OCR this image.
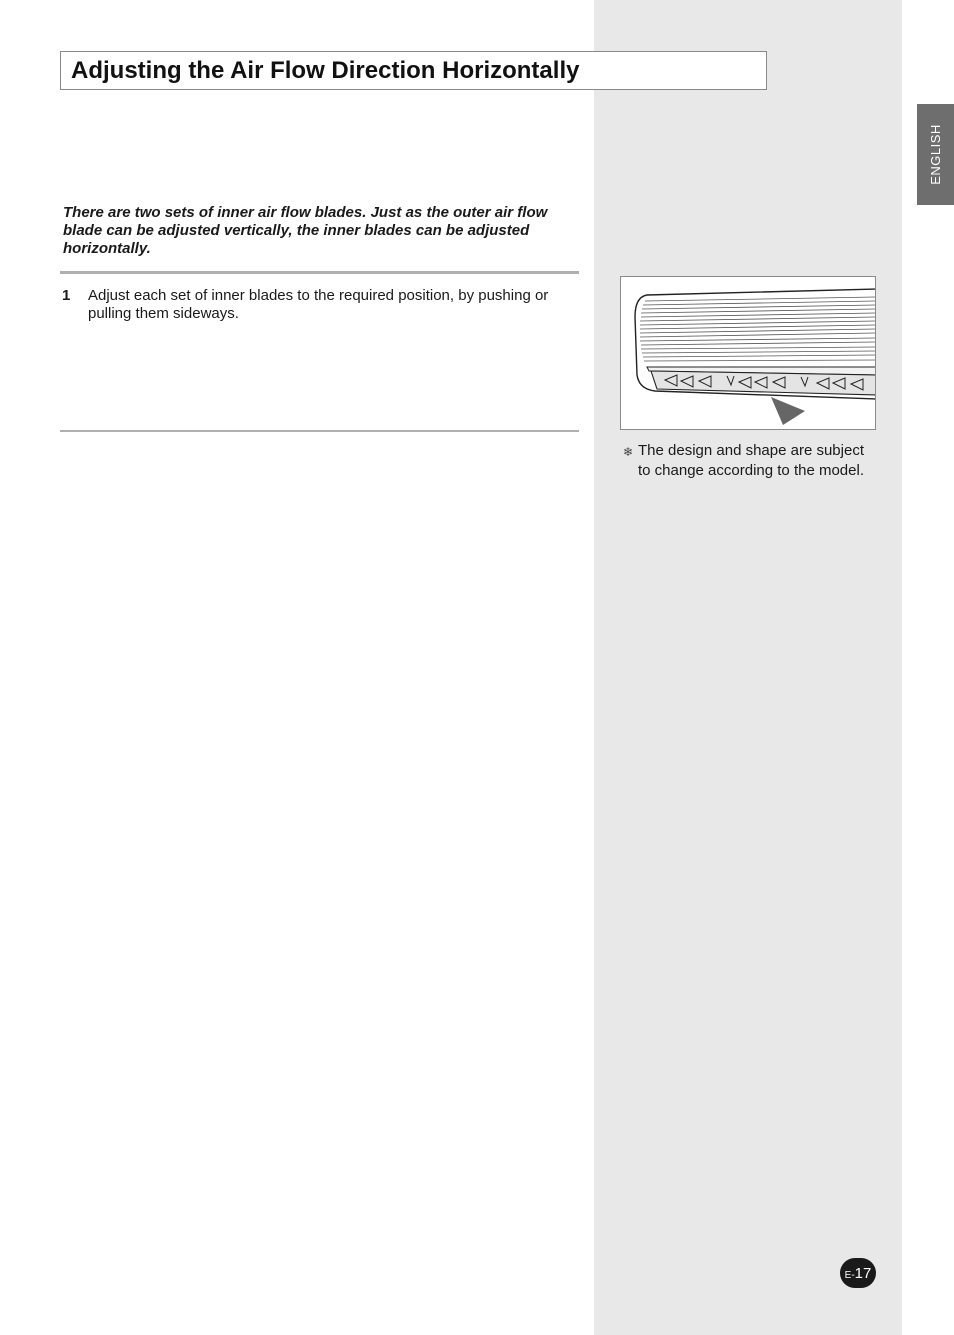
ENGLISH
Adjusting the Air Flow Direction Horizontally

There are two sets of inner air flow blades. Just as the outer air flow blade can be adjusted vertically, the inner blades can be adjusted horizontally.

1	Adjust each set of inner blades to the required position, by pushing or pulling them sideways.
❄ The design and shape are subject to change according to the model.
E- 17
